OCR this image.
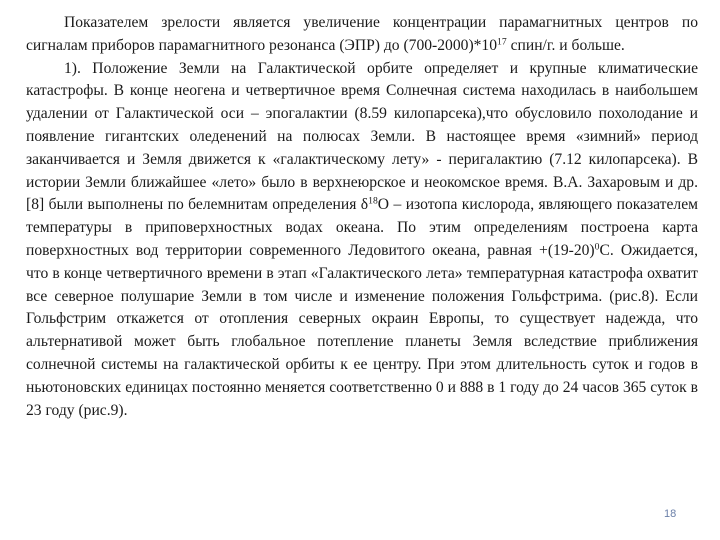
Показателем зрелости является увеличение концентрации парамагнитных центров по сигналам приборов парамагнитного резонанса (ЭПР) до $(700-2000)*10^{17}$ спин/г. и больше.

1). Положение Земли на Галактической орбите определяет и крупные климатические катастрофы. В конце неогена и четвертичное время Солнечная система находилась в наибольшем удалении от Галактической оси – эпогалактии (8.59 килопарсека),что обусловило похолодание и появление гигантских оледенений на полюсах Земли. В настоящее время «зимний» период заканчивается и Земля движется к «галактическому лету» - перигалактию (7.12 килопарсека). В истории Земли ближайшее «лето» было в верхнеюрское и неокомское время. В.А. Захаровым и др. [8] были выполнены по белемнитам определения $\delta^{18}O$ – изотопа кислорода, являющего показателем температуры в приповерхностных водах океана. По этим определениям построена карта поверхностных вод территории современного Ледовитого океана, равная $+(19-20)^0С$. Ожидается, что в конце четвертичного времени в этап «Галактического лета» температурная катастрофа охватит все северное полушарие Земли в том числе и изменение положения Гольфстрима. (рис.8). Если Гольфстрим откажется от отопления северных окраин Европы, то существует надежда, что альтернативой может быть глобальное потепление планеты Земля вследствие приближения солнечной системы на галактической орбиты к ее центру. При этом длительность суток и годов в ньютоновских единицах постоянно меняется соответственно 0 и 888 в 1 году до 24 часов 365 суток в 23 году (рис.9).

18
